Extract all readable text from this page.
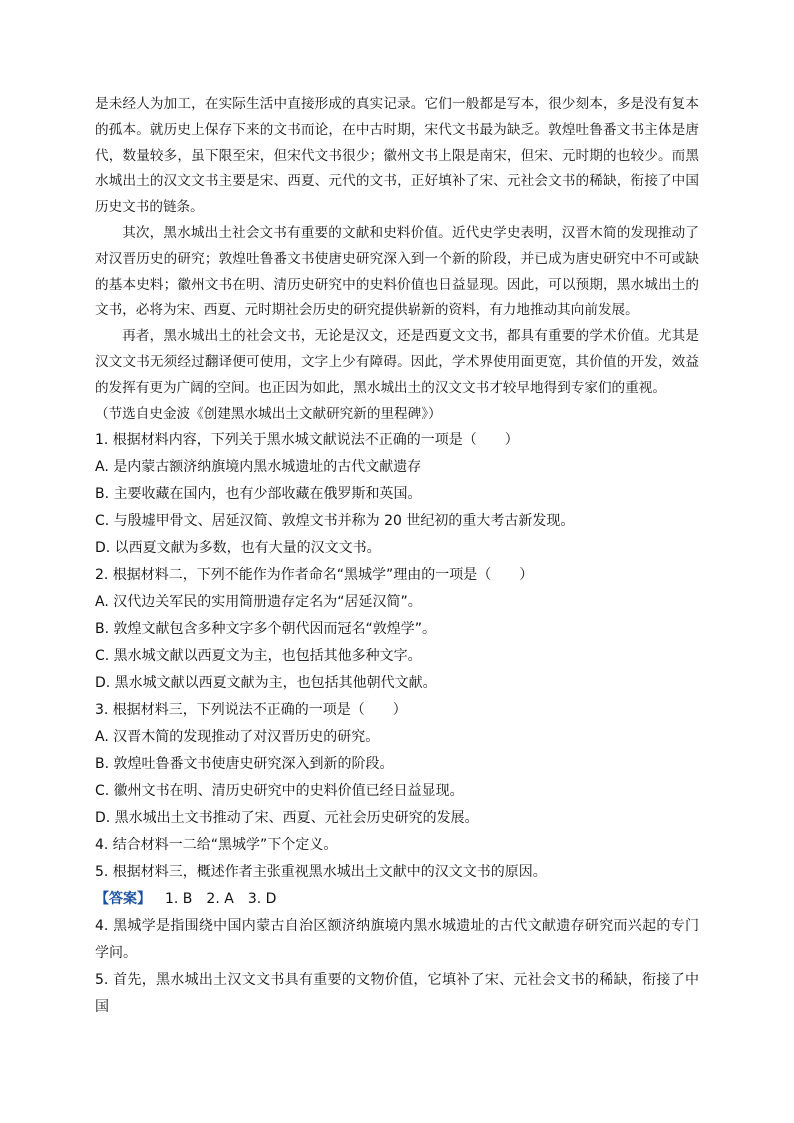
是未经人为加工，在实际生活中直接形成的真实记录。它们一般都是写本，很少刻本，多是没有复本的孤本。就历史上保存下来的文书而论，在中古时期，宋代文书最为缺乏。敦煌吐鲁番文书主体是唐代，数量较多，虽下限至宋，但宋代文书很少；徽州文书上限是南宋，但宋、元时期的也较少。而黑水城出土的汉文文书主要是宋、西夏、元代的文书，正好填补了宋、元社会文书的稀缺，衔接了中国历史文书的链条。

其次，黑水城出土社会文书有重要的文献和史料价值。近代史学史表明，汉晋木简的发现推动了对汉晋历史的研究；敦煌吐鲁番文书使唐史研究深入到一个新的阶段，并已成为唐史研究中不可或缺的基本史料；徽州文书在明、清历史研究中的史料价值也日益显现。因此，可以预期，黑水城出土的文书，必将为宋、西夏、元时期社会历史的研究提供崭新的资料，有力地推动其向前发展。

再者，黑水城出土的社会文书，无论是汉文，还是西夏文文书，都具有重要的学术价值。尤其是汉文文书无须经过翻译便可使用，文字上少有障碍。因此，学术界使用面更宽，其价值的开发，效益的发挥有更为广阔的空间。也正因为如此，黑水城出土的汉文文书才较早地得到专家们的重视。

（节选自史金波《创建黑水城出土文献研究新的里程碑》）

1. 根据材料内容，下列关于黑水城文献说法不正确的一项是（　　）

A. 是内蒙古额济纳旗境内黑水城遗址的古代文献遗存

B. 主要收藏在国内，也有少部收藏在俄罗斯和英国。

C. 与殷墟甲骨文、居延汉简、敦煌文书并称为 20 世纪初的重大考古新发现。

D. 以西夏文献为多数，也有大量的汉文文书。

2. 根据材料二，下列不能作为作者命名“黑城学”理由的一项是（　　）

A. 汉代边关军民的实用简册遗存定名为“居延汉简”。

B. 敦煌文献包含多种文字多个朝代因而冠名“敦煌学”。

C. 黑水城文献以西夏文为主，也包括其他多种文字。

D. 黑水城文献以西夏文献为主，也包括其他朝代文献。

3. 根据材料三，下列说法不正确的一项是（　　）

A. 汉晋木简的发现推动了对汉晋历史的研究。

B. 敦煌吐鲁番文书使唐史研究深入到新的阶段。

C. 徽州文书在明、清历史研究中的史料价值已经日益显现。

D. 黑水城出土文书推动了宋、西夏、元社会历史研究的发展。

4. 结合材料一二给“黑城学”下个定义。

5. 根据材料三，概述作者主张重视黑水城出土文献中的汉文文书的原因。

【答案】 1. B 2. A 3. D

4. 黑城学是指围绕中国内蒙古自治区额济纳旗境内黑水城遗址的古代文献遗存研究而兴起的专门学问。

5. 首先，黑水城出土汉文文书具有重要的文物价值，它填补了宋、元社会文书的稀缺，衔接了中国
